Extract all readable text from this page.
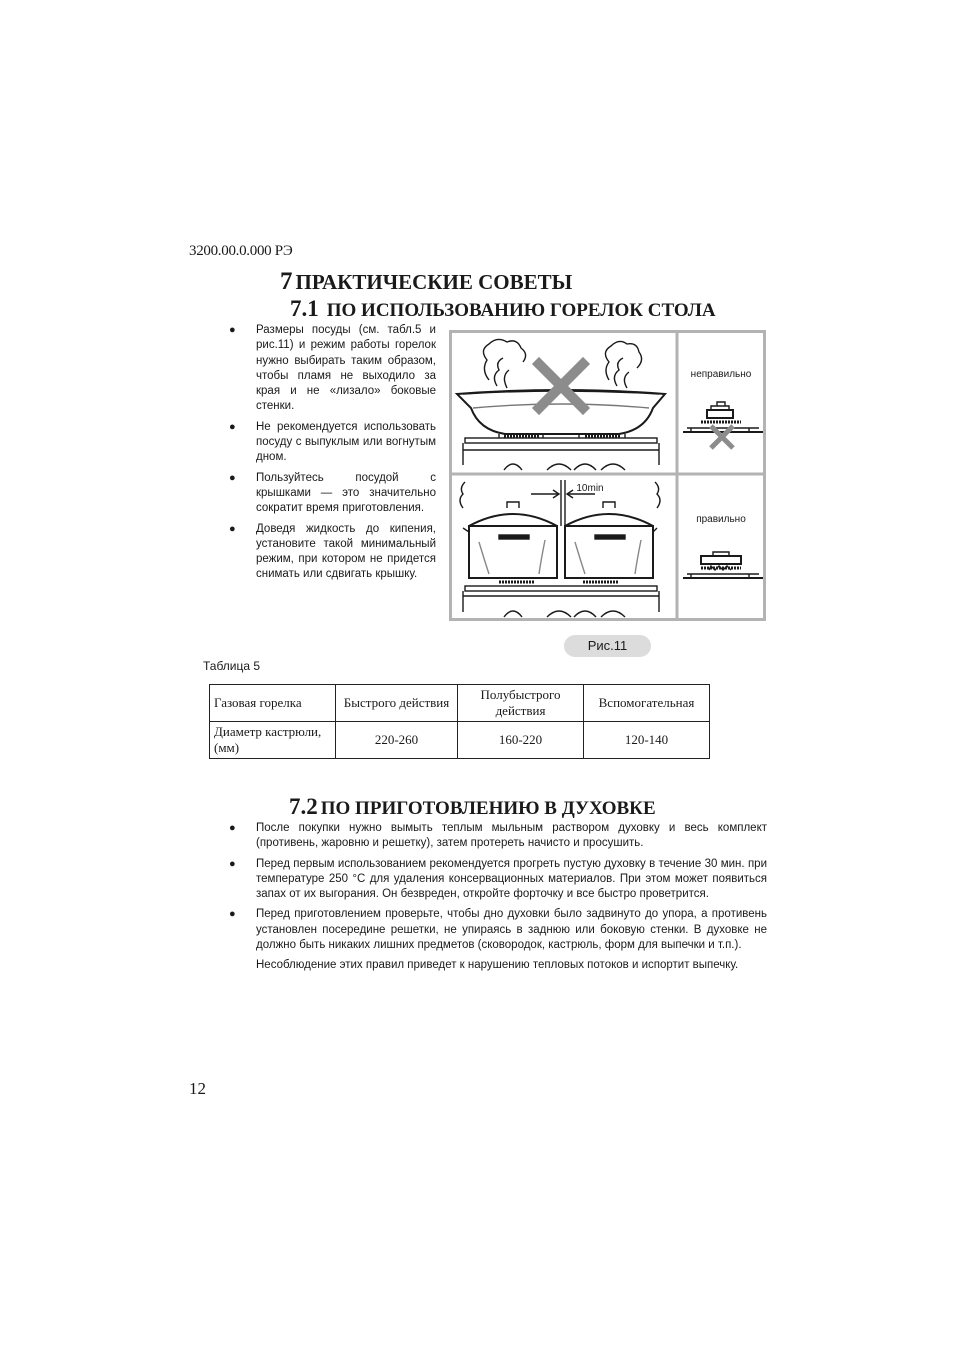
3200.00.0.000 РЭ
7 ПРАКТИЧЕСКИЕ СОВЕТЫ
7.1 ПО ИСПОЛЬЗОВАНИЮ ГОРЕЛОК СТОЛА
● Размеры посуды (см. табл.5 и рис.11) и режим работы горелок нужно выбирать таким образом, чтобы пламя не выходило за края и не «лизало» боковые стенки.
● Не рекомендуется использовать посуду с выпуклым или вогнутым дном.
● Пользуйтесь посудой с крышками — это значительно сократит время приготовления.
● Доведя жидкость до кипения, установите такой минимальный режим, при котором не придется снимать или сдвигать крышку.
неправильно
10min
правильно
Рис.11
Таблица 5
Газовая горелка	Быстрого действия	Полубыстрого действия	Вспомогательная
Диаметр кастрюли, (мм)	220-260	160-220	120-140
7.2 ПО ПРИГОТОВЛЕНИЮ В ДУХОВКЕ
● После покупки нужно вымыть теплым мыльным раствором духовку и весь комплект (противень, жаровню и решетку), затем протереть начисто и просушить.
● Перед первым использованием рекомендуется прогреть пустую духовку в течение 30 мин. при температуре 250 °С для удаления консервационных материалов. При этом может появиться запах от их выгорания. Он безвреден, откройте форточку и все быстро проветрится.
● Перед приготовлением проверьте, чтобы дно духовки было задвинуто до упора, а противень установлен посередине решетки, не упираясь в заднюю или боковую стенки. В духовке не должно быть никаких лишних предметов (сковородок, кастрюль, форм для выпечки и т.п.).
Несоблюдение этих правил приведет к нарушению тепловых потоков и испортит выпечку.
12
